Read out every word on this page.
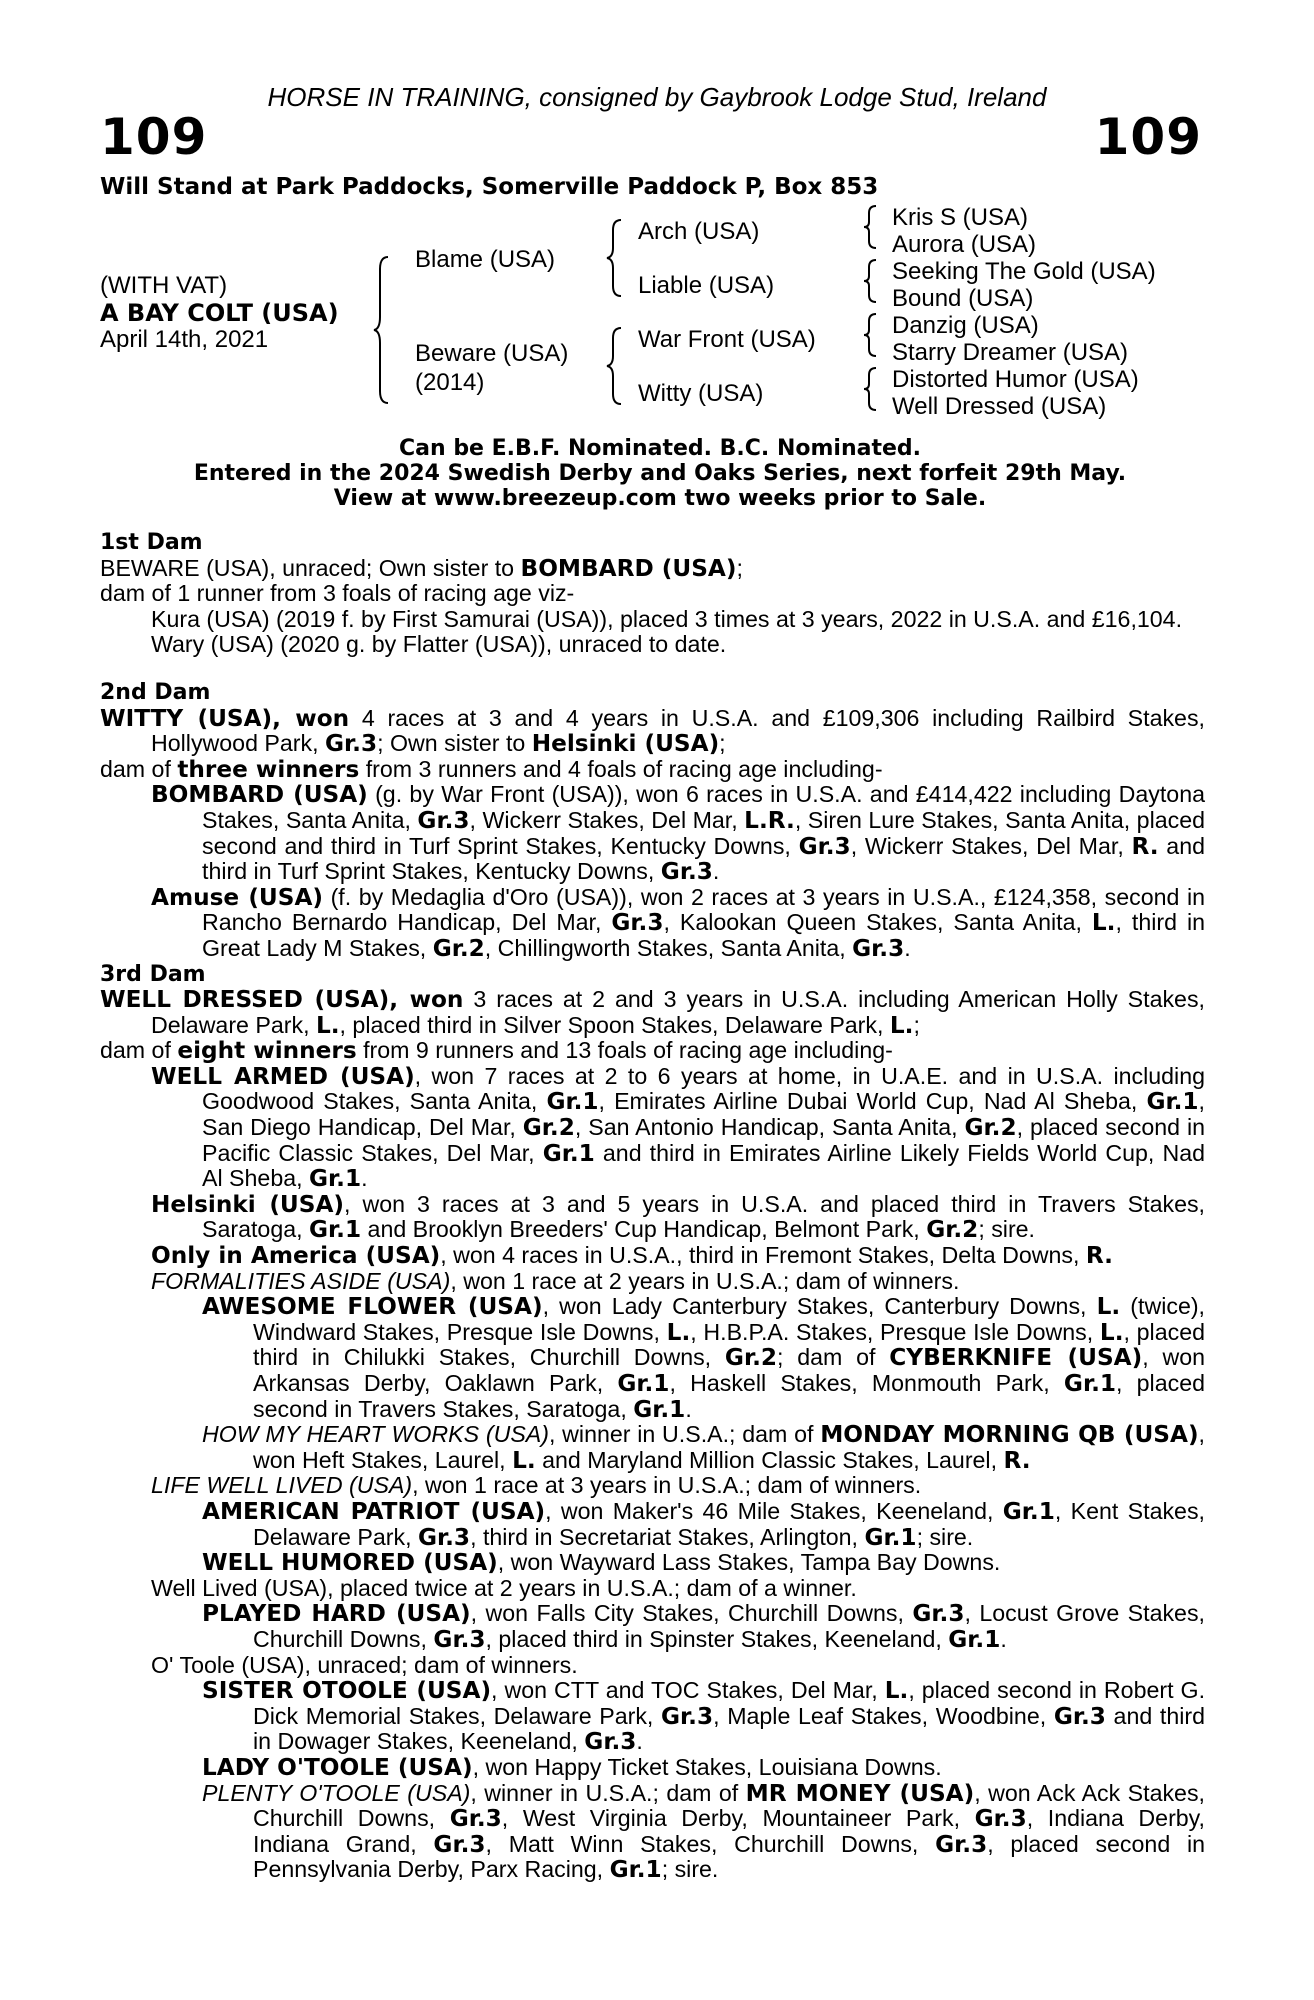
HORSE IN TRAINING, consigned by Gaybrook Lodge Stud, Ireland
109	109
Will Stand at Park Paddocks, Somerville Paddock P, Box 853
(WITH VAT)
A BAY COLT (USA)
April 14th, 2021
Blame (USA)
Beware (USA)
(2014)
Arch (USA)
Liable (USA)
War Front (USA)
Witty (USA)
Kris S (USA)
Aurora (USA)
Seeking The Gold (USA)
Bound (USA)
Danzig (USA)
Starry Dreamer (USA)
Distorted Humor (USA)
Well Dressed (USA)
Can be E.B.F. Nominated. B.C. Nominated.
Entered in the 2024 Swedish Derby and Oaks Series, next forfeit 29th May.
View at www.breezeup.com two weeks prior to Sale.
1st Dam

BEWARE (USA), unraced; Own sister to BOMBARD (USA);

dam of 1 runner from 3 foals of racing age viz-

Kura (USA) (2019 f. by First Samurai (USA)), placed 3 times at 3 years, 2022 in U.S.A. and £16,104.

Wary (USA) (2020 g. by Flatter (USA)), unraced to date.

2nd Dam

WITTY (USA), won 4 races at 3 and 4 years in U.S.A. and £109,306 including Railbird Stakes, Hollywood Park, Gr.3; Own sister to Helsinki (USA);

dam of three winners from 3 runners and 4 foals of racing age including-

BOMBARD (USA) (g. by War Front (USA)), won 6 races in U.S.A. and £414,422 including Daytona Stakes, Santa Anita, Gr.3, Wickerr Stakes, Del Mar, L.R., Siren Lure Stakes, Santa Anita, placed second and third in Turf Sprint Stakes, Kentucky Downs, Gr.3, Wickerr Stakes, Del Mar, R. and third in Turf Sprint Stakes, Kentucky Downs, Gr.3.

Amuse (USA) (f. by Medaglia d'Oro (USA)), won 2 races at 3 years in U.S.A., £124,358, second in Rancho Bernardo Handicap, Del Mar, Gr.3, Kalookan Queen Stakes, Santa Anita, L., third in Great Lady M Stakes, Gr.2, Chillingworth Stakes, Santa Anita, Gr.3.

3rd Dam

WELL DRESSED (USA), won 3 races at 2 and 3 years in U.S.A. including American Holly Stakes, Delaware Park, L., placed third in Silver Spoon Stakes, Delaware Park, L.;

dam of eight winners from 9 runners and 13 foals of racing age including-

WELL ARMED (USA), won 7 races at 2 to 6 years at home, in U.A.E. and in U.S.A. including Goodwood Stakes, Santa Anita, Gr.1, Emirates Airline Dubai World Cup, Nad Al Sheba, Gr.1, San Diego Handicap, Del Mar, Gr.2, San Antonio Handicap, Santa Anita, Gr.2, placed second in Pacific Classic Stakes, Del Mar, Gr.1 and third in Emirates Airline Likely Fields World Cup, Nad Al Sheba, Gr.1.

Helsinki (USA), won 3 races at 3 and 5 years in U.S.A. and placed third in Travers Stakes, Saratoga, Gr.1 and Brooklyn Breeders' Cup Handicap, Belmont Park, Gr.2; sire.

Only in America (USA), won 4 races in U.S.A., third in Fremont Stakes, Delta Downs, R.

FORMALITIES ASIDE (USA), won 1 race at 2 years in U.S.A.; dam of winners.

AWESOME FLOWER (USA), won Lady Canterbury Stakes, Canterbury Downs, L. (twice), Windward Stakes, Presque Isle Downs, L., H.B.P.A. Stakes, Presque Isle Downs, L., placed third in Chilukki Stakes, Churchill Downs, Gr.2; dam of CYBERKNIFE (USA), won Arkansas Derby, Oaklawn Park, Gr.1, Haskell Stakes, Monmouth Park, Gr.1, placed second in Travers Stakes, Saratoga, Gr.1.

HOW MY HEART WORKS (USA), winner in U.S.A.; dam of MONDAY MORNING QB (USA), won Heft Stakes, Laurel, L. and Maryland Million Classic Stakes, Laurel, R.

LIFE WELL LIVED (USA), won 1 race at 3 years in U.S.A.; dam of winners.

AMERICAN PATRIOT (USA), won Maker's 46 Mile Stakes, Keeneland, Gr.1, Kent Stakes, Delaware Park, Gr.3, third in Secretariat Stakes, Arlington, Gr.1; sire.

WELL HUMORED (USA), won Wayward Lass Stakes, Tampa Bay Downs.

Well Lived (USA), placed twice at 2 years in U.S.A.; dam of a winner.

PLAYED HARD (USA), won Falls City Stakes, Churchill Downs, Gr.3, Locust Grove Stakes, Churchill Downs, Gr.3, placed third in Spinster Stakes, Keeneland, Gr.1.

O' Toole (USA), unraced; dam of winners.

SISTER OTOOLE (USA), won CTT and TOC Stakes, Del Mar, L., placed second in Robert G. Dick Memorial Stakes, Delaware Park, Gr.3, Maple Leaf Stakes, Woodbine, Gr.3 and third in Dowager Stakes, Keeneland, Gr.3.

LADY O'TOOLE (USA), won Happy Ticket Stakes, Louisiana Downs.

PLENTY O'TOOLE (USA), winner in U.S.A.; dam of MR MONEY (USA), won Ack Ack Stakes, Churchill Downs, Gr.3, West Virginia Derby, Mountaineer Park, Gr.3, Indiana Derby, Indiana Grand, Gr.3, Matt Winn Stakes, Churchill Downs, Gr.3, placed second in Pennsylvania Derby, Parx Racing, Gr.1; sire.
